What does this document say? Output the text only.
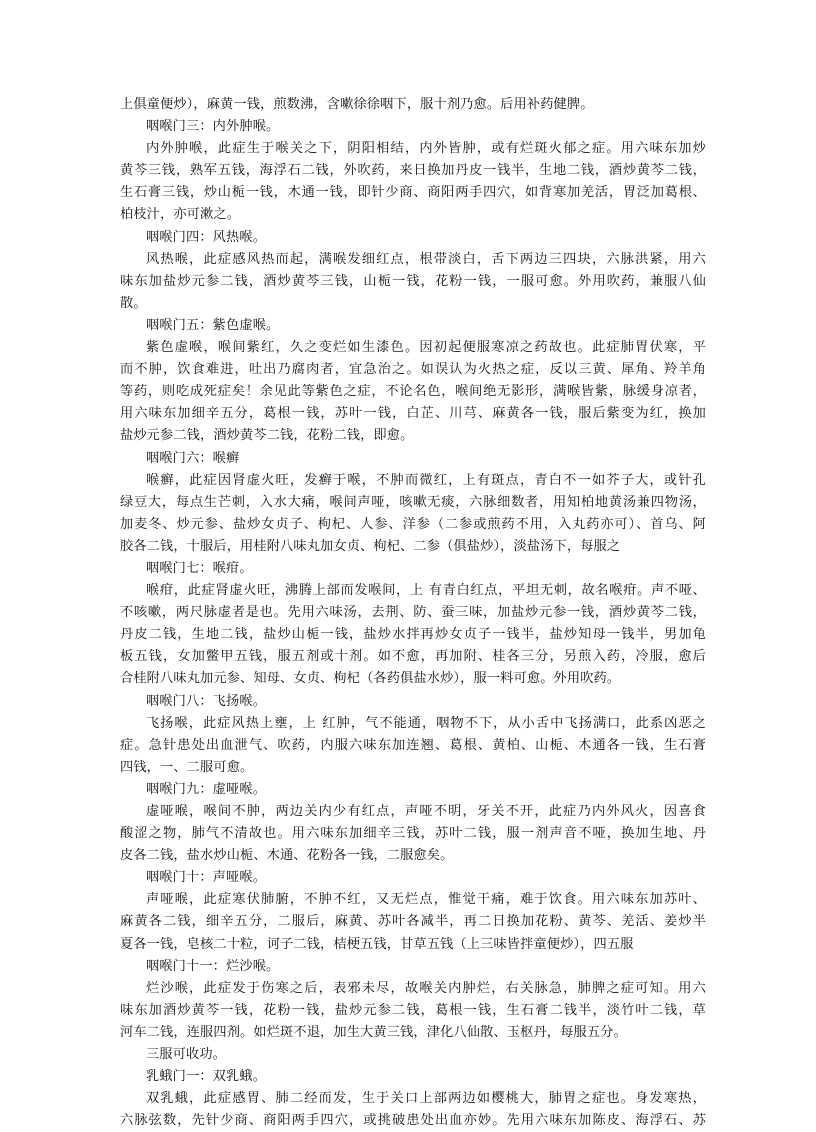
上俱童便炒），麻黄一钱，煎数沸，含嗽徐徐咽下，服十剂乃愈。后用补药健脾。
咽喉门三：内外肿喉。
内外肿喉，此症生于喉关之下，阴阳相结，内外皆肿，或有烂斑火郁之症。用六味东加炒
黄芩三钱，熟军五钱，海浮石二钱，外吹药，来日换加丹皮一钱半，生地二钱，酒炒黄芩二钱，
生石膏三钱，炒山栀一钱，木通一钱，即针少商、商阳两手四穴，如背寒加羌活，胃泛加葛根、
柏枝汁，亦可漱之。
咽喉门四：风热喉。
风热喉，此症感风热而起，满喉发细红点，根带淡白，舌下两边三四块，六脉洪紧，用六
味东加盐炒元参二钱，酒炒黄芩三钱，山栀一钱，花粉一钱，一服可愈。外用吹药，兼服八仙
散。
咽喉门五：紫色虚喉。
紫色虚喉，喉间紫红，久之变烂如生漆色。因初起便服寒凉之药故也。此症肺胃伏寒，平
而不肿，饮食难进，吐出乃腐肉者，宜急治之。如误认为火热之症，反以三黄、犀角、羚羊角
等药，则吃成死症矣！余见此等紫色之症，不论名色，喉间绝无影形，满喉皆紫，脉缓身凉者，
用六味东加细辛五分，葛根一钱，苏叶一钱，白芷、川芎、麻黄各一钱，服后紫变为红，换加
盐炒元参二钱，酒炒黄芩二钱，花粉二钱，即愈。
咽喉门六：喉癣
喉癣，此症因肾虚火旺，发癣于喉，不肿而微红，上有斑点，青白不一如芥子大，或针孔
绿豆大，每点生芒刺，入水大痛，喉间声哑，咳嗽无痰，六脉细数者，用知柏地黄汤兼四物汤，
加麦冬、炒元参、盐炒女贞子、枸杞、人参、洋参（二参或煎药不用，入丸药亦可）、首乌、阿
胶各二钱，十服后，用桂附八味丸加女贞、枸杞、二参（俱盐炒），淡盐汤下，每服之
咽喉门七：喉疳。
喉疳，此症肾虚火旺，沸腾上部而发喉间，上 有青白红点，平坦无刺，故名喉疳。声不哑、
不咳嗽，两尺脉虚者是也。先用六味汤，去荆、防、蚕三味，加盐炒元参一钱，酒炒黄芩二钱，
丹皮二钱，生地二钱，盐炒山栀一钱，盐炒水拌再炒女贞子一钱半，盐炒知母一钱半，男加龟
板五钱，女加鳖甲五钱，服五剂或十剂。如不愈，再加附、桂各三分，另煎入药，冷服，愈后
合桂附八味丸加元参、知母、女贞、枸杞（各药俱盐水炒），服一料可愈。外用吹药。
咽喉门八：飞扬喉。
飞扬喉，此症风热上壅，上 红肿，气不能通，咽物不下，从小舌中飞扬满口，此系凶恶之
症。急针患处出血泄气、吹药，内服六味东加连翘、葛根、黄柏、山栀、木通各一钱，生石膏
四钱，一、二服可愈。
咽喉门九：虚哑喉。
虚哑喉，喉间不肿，两边关内少有红点，声哑不明，牙关不开，此症乃内外风火，因喜食
酸涩之物，肺气不清故也。用六味东加细辛三钱，苏叶二钱，服一剂声音不哑，换加生地、丹
皮各二钱，盐水炒山栀、木通、花粉各一钱，二服愈矣。
咽喉门十：声哑喉。
声哑喉，此症寒伏肺腑，不肿不红，又无烂点，惟觉干痛，难于饮食。用六味东加苏叶、
麻黄各二钱，细辛五分，二服后，麻黄、苏叶各减半，再二日换加花粉、黄芩、羌活、姜炒半
夏各一钱，皂核二十粒，诃子二钱，桔梗五钱，甘草五钱（上三味皆拌童便炒），四五服
咽喉门十一：烂沙喉。
烂沙喉，此症发于伤寒之后，表邪未尽，故喉关内肿烂，右关脉急，肺脾之症可知。用六
味东加酒炒黄芩一钱，花粉一钱，盐炒元参二钱，葛根一钱，生石膏二钱半，淡竹叶二钱，草
河车二钱，连服四剂。如烂斑不退，加生大黄三钱，津化八仙散、玉枢丹，每服五分。
三服可收功。
乳蛾门一：双乳蛾。
双乳蛾，此症感胃、肺二经而发，生于关口上部两边如樱桃大，肺胃之症也。身发寒热，
六脉弦数，先针少商、商阳两手四穴，或挑破患处出血亦妙。先用六味东加陈皮、海浮石、苏
